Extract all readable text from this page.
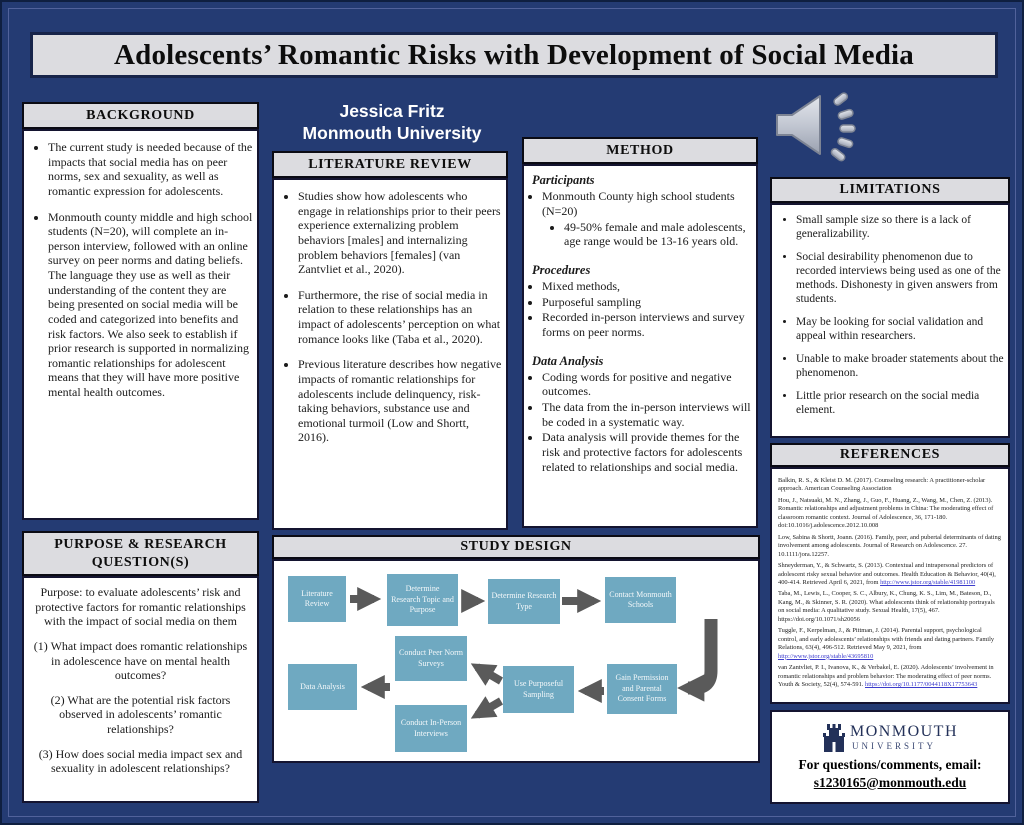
Adolescents’ Romantic Risks with Development of Social Media
BACKGROUND
• The current study is needed because of the impacts that social media has on peer norms, sex and sexuality, as well as romantic expression for adolescents.
• Monmouth county middle and high school students (N=20), will complete an in-person interview, followed with an online survey on peer norms and dating beliefs. The language they use as well as their understanding of the content they are being presented on social media will be coded and categorized into benefits and risk factors. We also seek to establish if prior research is supported in normalizing romantic relationships for adolescent means that they will have more positive mental health outcomes.
PURPOSE & RESEARCH QUESTION(S)

Purpose: to evaluate adolescents’ risk and protective factors for romantic relationships with the impact of social media on them

(1) What impact does romantic relationships in adolescence have on mental health outcomes?

(2) What are the potential risk factors observed in adolescents’ romantic relationships?

(3) How does social media impact sex and sexuality in adolescent relationships?

Jessica Fritz
Monmouth University
LITERATURE REVIEW
• Studies show how adolescents who engage in relationships prior to their peers experience externalizing problem behaviors [males] and internalizing problem behaviors [females] (van Zantvliet et al., 2020).
• Furthermore, the rise of social media in relation to these relationships has an impact of adolescents’ perception on what romance looks like (Taba et al., 2020).
• Previous literature describes how negative impacts of romantic relationships for adolescents include delinquency, risk-taking behaviors, substance use and emotional turmoil (Low and Shortt, 2016).
METHOD
Participants
• Monmouth County high school students (N=20)
• 49-50% female and male adolescents, age range would be 13-16 years old.
Procedures
• Mixed methods,
• Purposeful sampling
• Recorded in-person interviews and survey forms on peer norms.
Data Analysis
• Coding words for positive and negative outcomes.
• The data from the in-person interviews will be coded in a systematic way.
• Data analysis will provide themes for the risk and protective factors for adolescents related to relationships and social media.
STUDY DESIGN
Literature Review
Determine Research Topic and Purpose
Determine Research Type
Contact Monmouth Schools
Conduct Peer Norm Surveys
Data Analysis	Use Purposeful Sampling
Gain Permission and Parental Consent Forms
Conduct In-Person Interviews
LIMITATIONS
• Small sample size so there is a lack of generalizability.
• Social desirability phenomenon due to recorded interviews being used as one of the methods. Dishonesty in given answers from students.
• May be looking for social validation and appeal within researchers.
• Unable to make broader statements about the phenomenon.
• Little prior research on the social media element.
REFERENCES
Balkin, R. S., & Kleist D. M. (2017). Counseling research: A practitioner-scholar approach. American Counseling Association
Hou, J., Natsuaki, M. N., Zhang, J., Guo, F., Huang, Z., Wang, M., Chen, Z. (2013). Romantic relationships and adjustment problems in China: The moderating effect of classroom romantic context. Journal of Adolescence, 36, 171-180. doi:10.1016/j.adolescence.2012.10.008
Low, Sabina & Shortt, Joann. (2016). Family, peer, and pubertal determinants of dating involvement among adolescents. Journal of Research on Adolescence. 27. 10.1111/jora.12257.
Shneyderman, Y., & Schwartz, S. (2013). Contextual and intrapersonal predictors of adolescent risky sexual behavior and outcomes. Health Education & Behavior, 40(4), 400-414. Retrieved April 6, 2021, from http://www.jstor.org/stable/41981100
Taba, M., Lewis, L., Cooper, S. C., Albury, K., Chung, K. S., Lim, M., Bateson, D., Kang, M., & Skinner, S. R. (2020). What adolescents think of relationship portrayals on social media: A qualitative study. Sexual Health, 17(5), 467. https://doi.org/10.1071/sh20056
Tuggle, F., Kerpelman, J., & Pittman, J. (2014). Parental support, psychological control, and early adolescents’ relationships with friends and dating partners. Family Relations, 63(4), 496-512. Retrieved May 9, 2021, from http://www.jstor.org/stable/43695810
van Zantvliet, P. I., Ivanova, K., & Verbakel, E. (2020). Adolescents’ involvement in romantic relationships and problem behavior: The moderating effect of peer norms. Youth & Society, 52(4), 574-591. https://doi.org/10.1177/0044118X17753643
MONMOUTH
UNIVERSITY
For questions/comments, email:
s1230165@monmouth.edu
